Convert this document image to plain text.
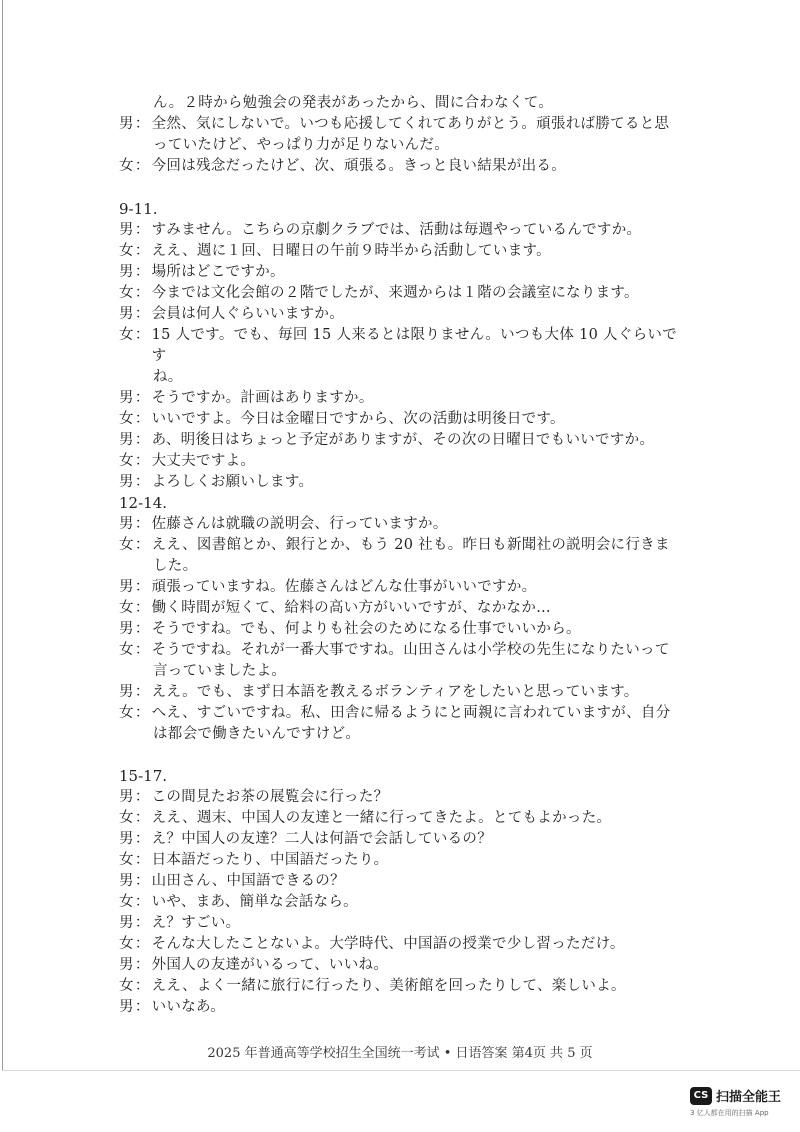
ん。２時から勉強会の発表があったから、間に合わなくて。
男 ： 全然、気にしないで。いつも応援してくれてありがとう。頑張れば勝てると思
っていたけど、やっぱり力が足りないんだ。
女 ： 今回は残念だったけど、次、頑張る。きっと良い結果が出る。
9-11.
男 ： すみません。こちらの京劇クラブでは、活動は毎週やっているんですか。
女 ： ええ、週に１回、日曜日の午前９時半から活動しています。
男 ： 場所はどこですか。
女 ： 今までは文化会館の２階でしたが、来週からは１階の会議室になります。
男 ： 会員は何人ぐらいいますか。
女 ： 15 人です。でも、毎回 15 人来るとは限りません。いつも大体 10 人ぐらいです
ね。
男 ： そうですか。計画はありますか。
女 ： いいですよ。今日は金曜日ですから、次の活動は明後日です。
男 ： あ、明後日はちょっと予定がありますが、その次の日曜日でもいいですか。
女 ： 大丈夫ですよ。
男 ： よろしくお願いします。
12-14.
男 ： 佐藤さんは就職の説明会、行っていますか。
女 ： ええ、図書館とか、銀行とか、もう 20 社も。昨日も新聞社の説明会に行きま
した。
男 ： 頑張っていますね。佐藤さんはどんな仕事がいいですか。
女 ： 働く時間が短くて、給料の高い方がいいですが、なかなか…
男 ： そうですね。でも、何よりも社会のためになる仕事でいいから。
女 ： そうですね。それが一番大事ですね。山田さんは小学校の先生になりたいって
言っていましたよ。
男 ： ええ。でも、まず日本語を教えるボランティアをしたいと思っています。
女 ： へえ、すごいですね。私、田舎に帰るようにと両親に言われていますが、自分
は都会で働きたいんですけど。
15-17.
男 ： この間見たお茶の展覧会に行った？
女 ： ええ、週末、中国人の友達と一緒に行ってきたよ。とてもよかった。
男 ： え？中国人の友達？二人は何語で会話しているの？
女 ： 日本語だったり、中国語だったり。
男 ： 山田さん、中国語できるの？
女 ： いや、まあ、簡単な会話なら。
男 ： え？すごい。
女 ： そんな大したことないよ。大学時代、中国語の授業で少し習っただけ。
男 ： 外国人の友達がいるって、いいね。
女 ： ええ、よく一緒に旅行に行ったり、美術館を回ったりして、楽しいよ。
男 ： いいなあ。
2025 年普通高等学校招生全国统一考试 • 日语答案 第4页 共 5 页
CS 扫描全能王
3 亿人都在用的扫描 App
